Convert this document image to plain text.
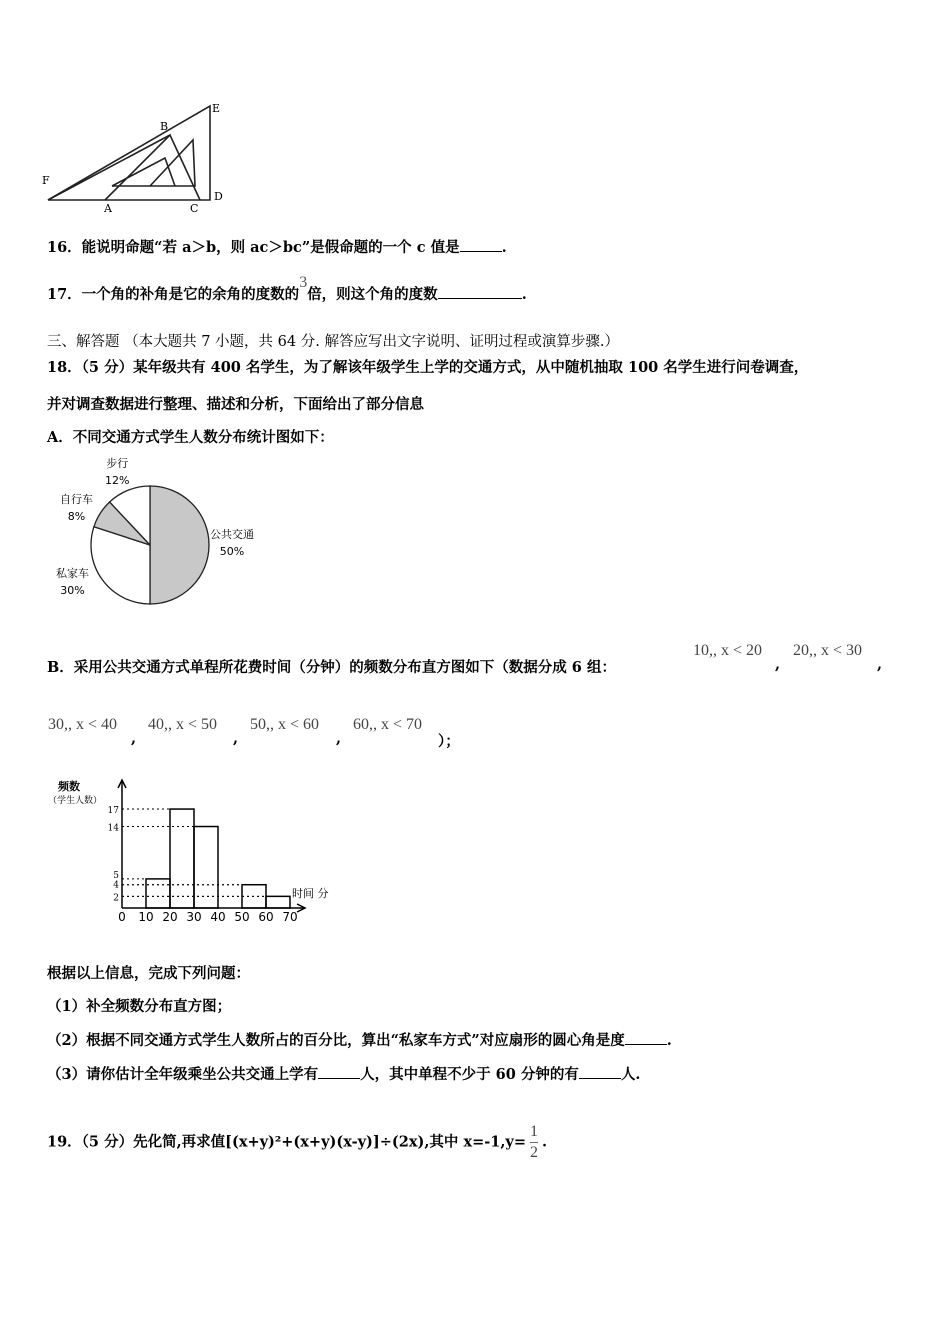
E
B
F
A	C
D
16．能说明命题“若 a＞b，则 ac＞bc”是假命题的一个 c 值是	.
17．一个角的补角是它的余角的度数的3倍，则这个角的度数	.
三、解答题 （本大题共 7 小题，共 64 分. 解答应写出文字说明、证明过程或演算步骤.）
18．（5 分）某年级共有 400 名学生，为了解该年级学生上学的交通方式，从中随机抽取 100 名学生进行问卷调查，
并对调查数据进行整理、描述和分析，下面给出了部分信息
A．不同交通方式学生人数分布统计图如下：
步行
12%
自行车
8%
公共交通
50%
私家车
30%
B．采用公共交通方式单程所花费时间（分钟）的频数分布直方图如下（数据分成 6 组：
10,, x < 20
,
20,, x < 30
,
30,, x < 40
,
40,, x < 50
,
50,, x < 60
,
60,, x < 70
）；
2
4
5
14
17
0 10 20 30 40 50 60 70
频数
（学生人数）
时间 分
根据以上信息，完成下列问题：
（1）补全频数分布直方图；
（2）根据不同交通方式学生人数所占的百分比，算出“私家车方式”对应扇形的圆心角是度	.
（3）请你估计全年级乘坐公共交通上学有	人，其中单程不少于 60 分钟的有	人.
19．（5 分）先化简,再求值[(x+y)²+(x+y)(x-y)]÷(2x),其中 $x=-1,y= \frac{1}{2}$ .
